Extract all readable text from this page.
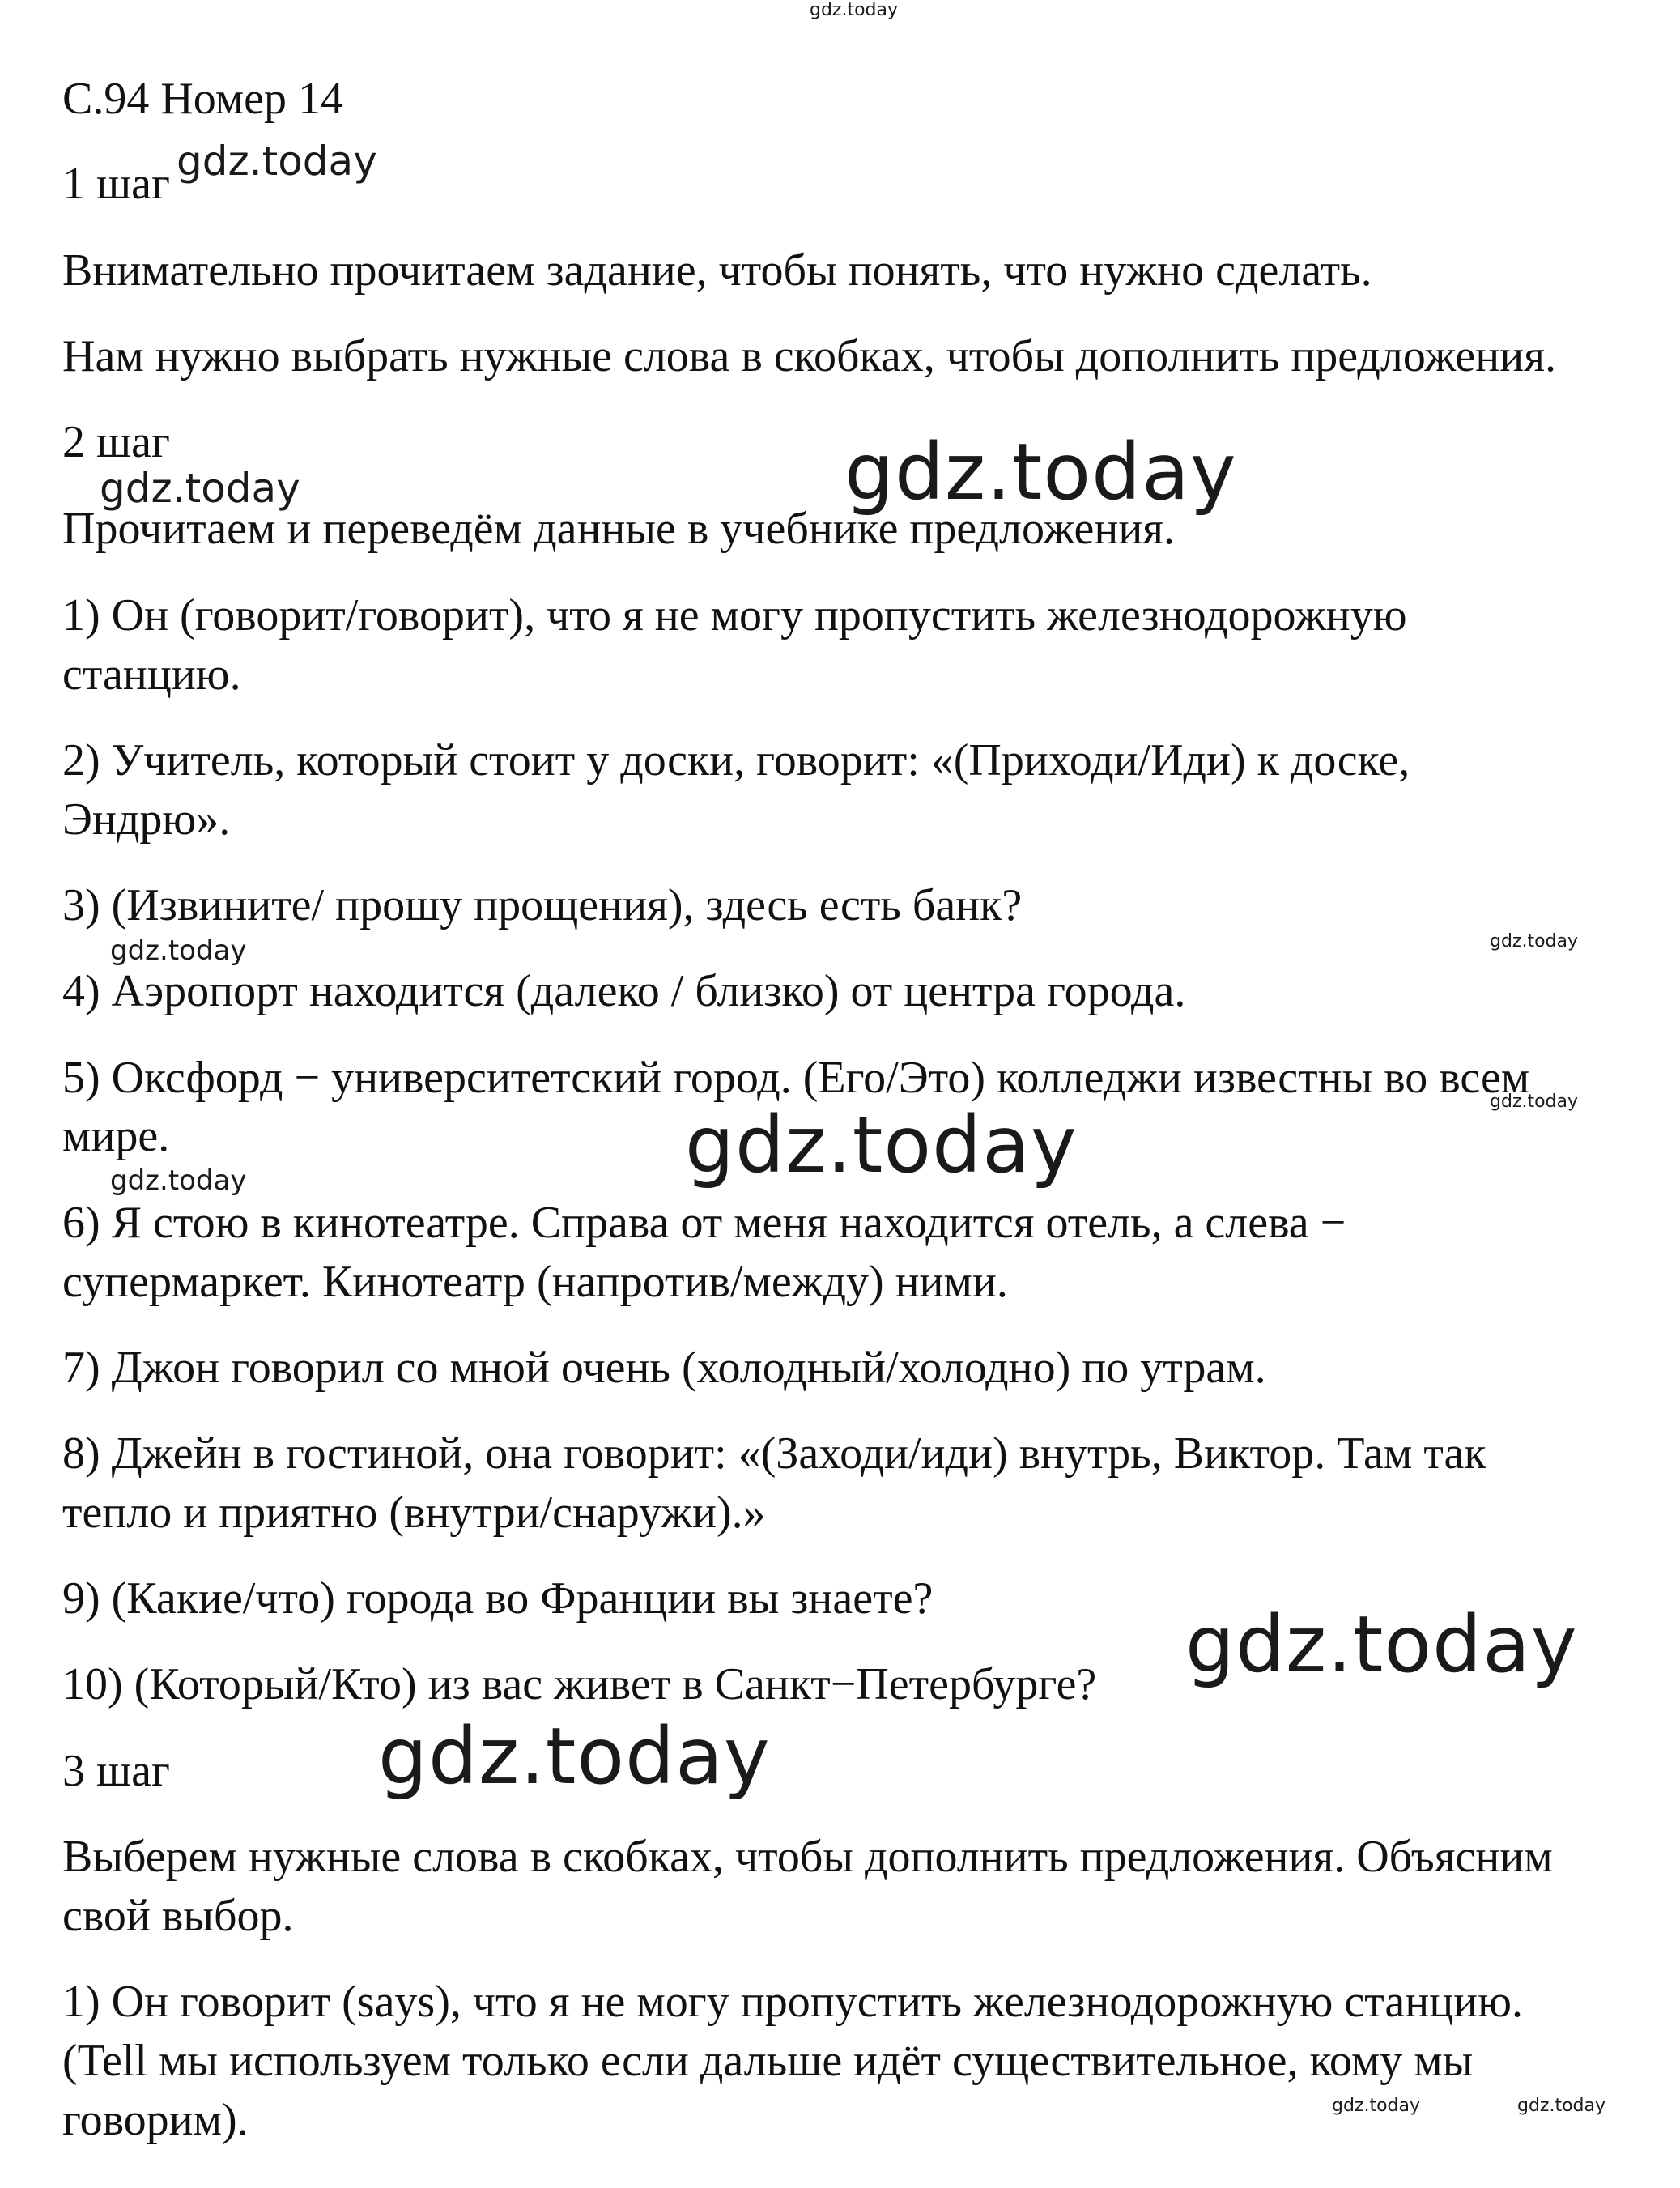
С.94 Номер 14
1 шаг
Внимательно прочитаем задание, чтобы понять, что нужно сделать.
Нам нужно выбрать нужные слова в скобках, чтобы дополнить предложения.
2 шаг
Прочитаем и переведём данные в учебнике предложения.
1) Он (говорит/говорит), что я не могу пропустить железнодорожную
станцию.
2) Учитель, который стоит у доски, говорит: «(Приходи/Иди) к доске,
Эндрю».
3) (Извините/ прошу прощения), здесь есть банк?
4) Аэропорт находится (далеко / близко) от центра города.
5) Оксфорд − университетский город. (Его/Это) колледжи известны во всем
мире.
6) Я стою в кинотеатре. Справа от меня находится отель, а слева −
супермаркет. Кинотеатр (напротив/между) ними.
7) Джон говорил со мной очень (холодный/холодно) по утрам.
8) Джейн в гостиной, она говорит: «(Заходи/иди) внутрь, Виктор. Там так
тепло и приятно (внутри/снаружи).»
9) (Какие/что) города во Франции вы знаете?
10) (Который/Кто) из вас живет в Санкт−Петербурге?
3 шаг
Выберем нужные слова в скобках, чтобы дополнить предложения. Объясним
свой выбор.
1) Он говорит (says), что я не могу пропустить железнодорожную станцию.
(Tell мы используем только если дальше идёт существительное, кому мы
говорим).
gdz.today
gdz.today
gdz.today	gdz.today
gdz.today	gdz.today
gdz.today
gdz.today
gdz.today
gdz.today
gdz.today
gdz.today	gdz.today
